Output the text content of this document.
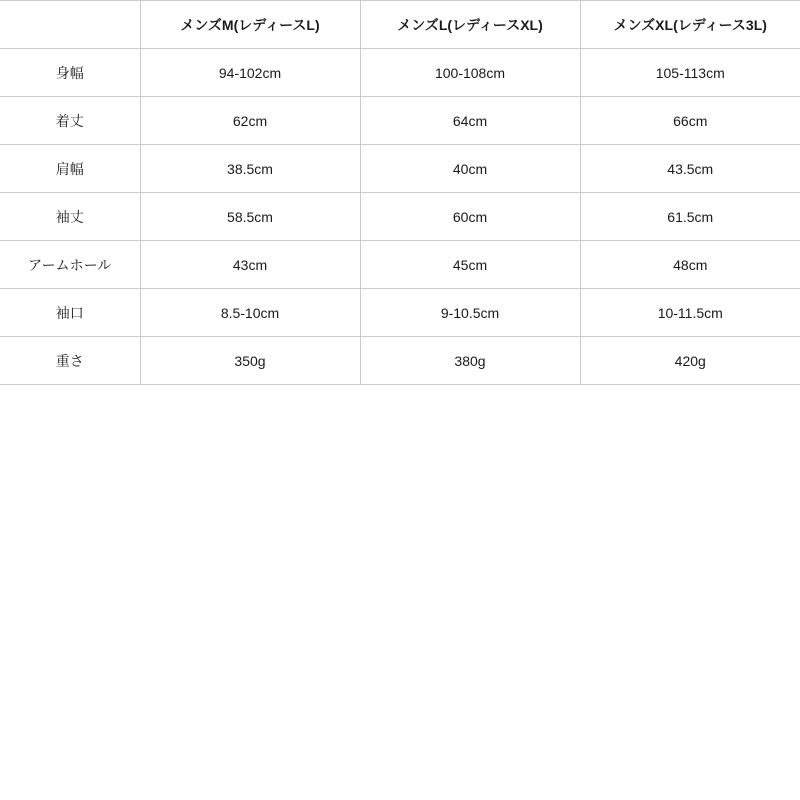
	メンズM(レディースL)	メンズL(レディースXL)	メンズXL(レディース3L)
身幅	94-102cm	100-108cm	105-113cm
着丈	62cm	64cm	66cm
肩幅	38.5cm	40cm	43.5cm
袖丈	58.5cm	60cm	61.5cm
アームホール	43cm	45cm	48cm
袖口	8.5-10cm	9-10.5cm	10-11.5cm
重さ	350g	380g	420g
